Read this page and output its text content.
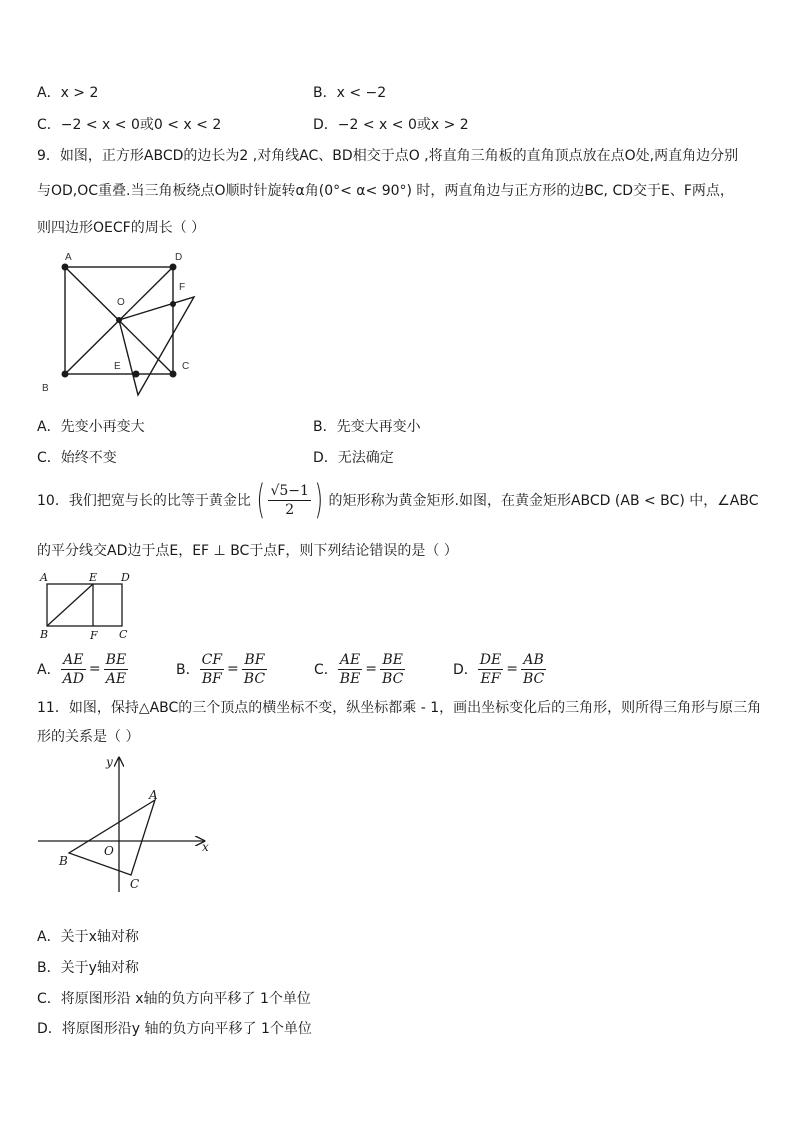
A．x > 2	B．x < −2
C．−2 < x < 0或0 < x < 2	D．−2 < x < 0或x > 2
9．如图，正方形ABCD的边长为2 ,对角线AC、BD相交于点O ,将直角三角板的直角顶点放在点O处,两直角边分别
与OD,OC重叠.当三角板绕点O顺时针旋转α角(0°< α< 90°) 时，两直角边与正方形的边BC, CD交于E、F两点，
则四边形OECF的周长（ ）
A	D
B
C
O
E
F
A．先变小再变大	B．先变大再变小
C．始终不变	D．无法确定
10．我们把宽与长的比等于黄金比 ( $\frac{√5-1}{2}$ ) 的矩形称为黄金矩形.如图，在黄金矩形ABCD (AB < BC) 中，∠ABC
的平分线交AD边于点E，EF ⊥ BC于点F，则下列结论错误的是（ ）
A	E D
B	F C
A． $\frac{AE}{AD} = \frac{BE}{AE}$	B． $\frac{CF}{BF} = \frac{BF}{BC}$	C． $\frac{AE}{BE} = \frac{BE}{BC}$	D． $\frac{DE}{EF} = \frac{AB}{BC}$
11．如图，保持△ABC的三个顶点的横坐标不变，纵坐标都乘 - 1，画出坐标变化后的三角形，则所得三角形与原三角
形的关系是（ ）
y
x
O
A
B
C
A．关于x轴对称
B．关于y轴对称
C．将原图形沿 x轴的负方向平移了 1个单位
D．将原图形沿y 轴的负方向平移了 1个单位
